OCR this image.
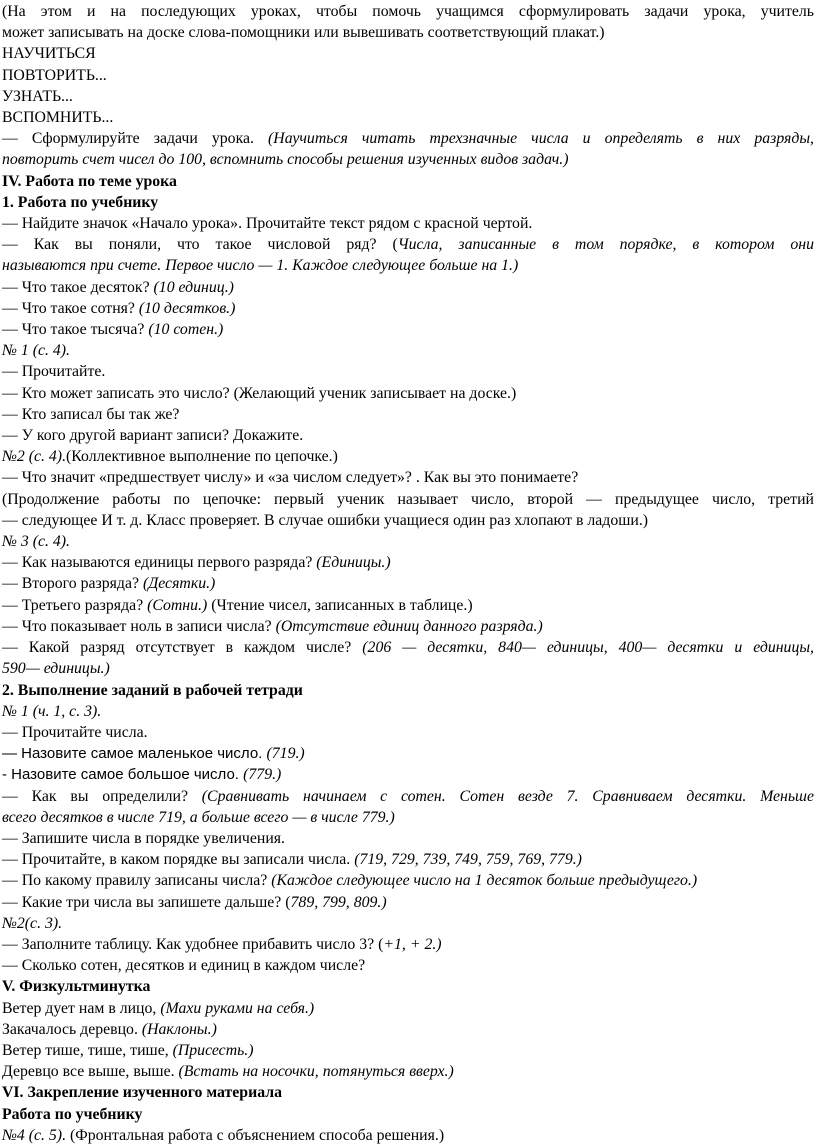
(На этом и на последующих уроках, чтобы помочь учащимся сформулировать задачи урока, учитель
может записывать на доске слова-помощники или вывешивать соответствующий плакат.)
НАУЧИТЬСЯ
ПОВТОРИТЬ...
УЗНАТЬ...
ВСПОМНИТЬ...
— Сформулируйте задачи урока. (Научиться читать трехзначные числа и определять в них разряды,
повторить счет чисел до 100, вспомнить способы решения изученных видов задач.)
IV. Работа по теме урока
1. Работа по учебнику
— Найдите значок «Начало урока». Прочитайте текст рядом с красной чертой.
— Как вы поняли, что такое числовой ряд? (Числа, записанные в том порядке, в котором они
называются при счете. Первое число — 1. Каждое следующее больше на 1.)
— Что такое десяток? (10 единиц.)
— Что такое сотня? (10 десятков.)
— Что такое тысяча? (10 сотен.)
№ 1 (с. 4).
— Прочитайте.
— Кто может записать это число? (Желающий ученик записывает на доске.)
— Кто записал бы так же?
— У кого другой вариант записи? Докажите.
№2 (с. 4).(Коллективное выполнение по цепочке.)
— Что значит «предшествует числу» и «за числом следует»? . Как вы это понимаете?
(Продолжение работы по цепочке: первый ученик называет число, второй — предыдущее число, третий
— следующее И т. д. Класс проверяет. В случае ошибки учащиеся один раз хлопают в ладоши.)
№ 3 (с. 4).
— Как называются единицы первого разряда? (Единицы.)
— Второго разряда? (Десятки.)
— Третьего разряда? (Сотни.) (Чтение чисел, записанных в таблице.)
— Что показывает ноль в записи числа? (Отсутствие единиц данного разряда.)
— Какой разряд отсутствует в каждом числе? (206 — десятки, 840— единицы, 400— десятки и единицы,
590— единицы.)
2. Выполнение заданий в рабочей тетради
№ 1 (ч. 1, с. 3).
— Прочитайте числа.
— Назовите самое маленькое число. (719.)
- Назовите самое большое число. (779.)
— Как вы определили? (Сравнивать начинаем с сотен. Сотен везде 7. Сравниваем десятки. Меньше
всего десятков в числе 719, а больше всего — в числе 779.)
— Запишите числа в порядке увеличения.
— Прочитайте, в каком порядке вы записали числа. (719, 729, 739, 749, 759, 769, 779.)
— По какому правилу записаны числа? (Каждое следующее число на 1 десяток больше предыдущего.)
— Какие три числа вы запишете дальше? (789, 799, 809.)
№2(с. 3).
— Заполните таблицу. Как удобнее прибавить число 3? (+1, + 2.)
— Сколько сотен, десятков и единиц в каждом числе?
V. Физкультминутка
Ветер дует нам в лицо, (Махи руками на себя.)
Закачалось деревцо. (Наклоны.)
Ветер тише, тише, тише, (Присесть.)
Деревцо все выше, выше. (Встать на носочки, потянуться вверх.)
VI. Закрепление изученного материала
Работа по учебнику
№4 (с. 5). (Фронтальная работа с объяснением способа решения.)
